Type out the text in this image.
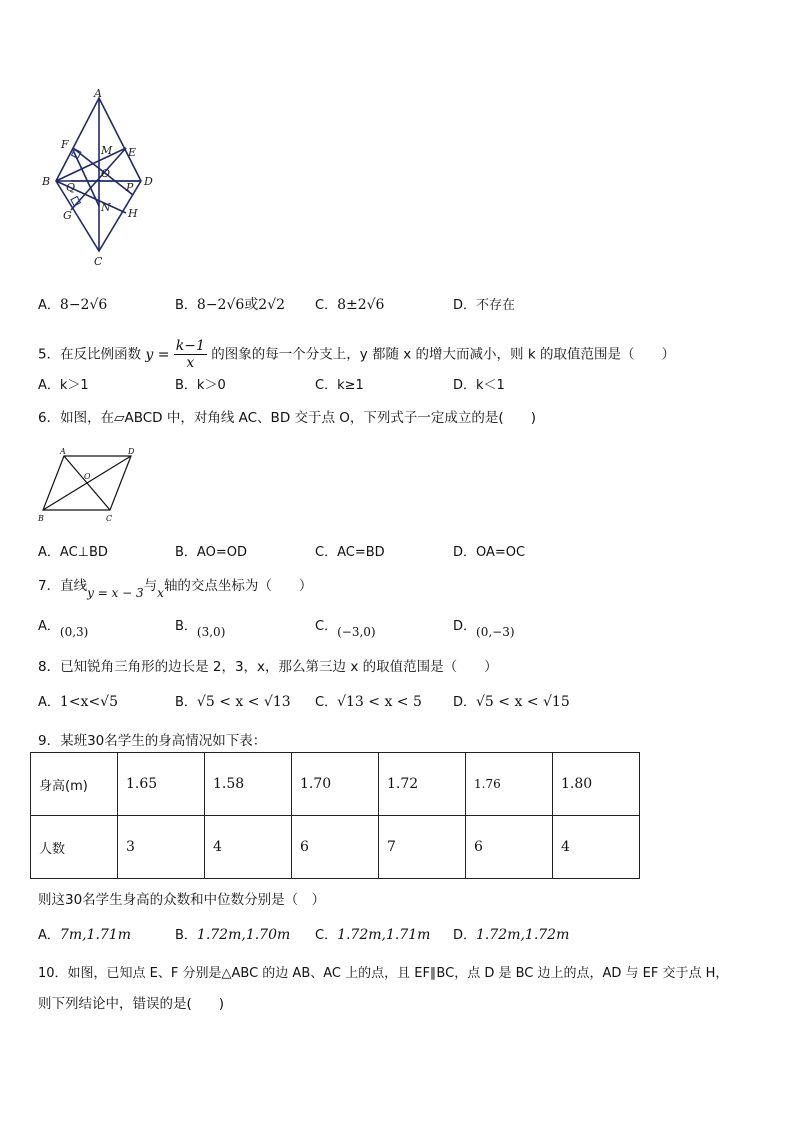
A
B
C
D
E
F
G	H
M
N
O
P
Q
A．8−2√6	B．8−2√6或2√2 C．8±2√6	D．不存在
5．在反比例函数 $y = \frac{k-1}{x}$ 的图象的每一个分支上，y 都随 x 的增大而减小，则 k 的取值范围是（　　）
A．k＞1	B．k＞0	C．k≥1	D．k＜1
6．如图，在▱ABCD 中，对角线 AC、BD 交于点 O，下列式子一定成立的是(　　)
A	D
O
B	C
A．AC⊥BD	B．AO=OD	C．AC=BD	D．OA=OC
7．直线y = x − 3与x轴的交点坐标为（　　）
A．(0,3)	B．(3,0)	C．(−3,0)	D．(0,−3)
8．已知锐角三角形的边长是 2，3，x，那么第三边 x 的取值范围是（　　）
A．1<x<√5	B．√5 < x < √13 C．√13 < x < 5 D．√5 < x < √15
9．某班30名学生的身高情况如下表：
身高(m)	1.65	1.58	1.70	1.72	1.76	1.80
人数	3	4	6	7	6	4
则这30名学生身高的众数和中位数分别是（　）
A．7m,1.71m	B．1.72m,1.70m C．1.72m,1.71m D．1.72m,1.72m
10．如图，已知点 E、F 分别是△ABC 的边 AB、AC 上的点，且 EF∥BC，点 D 是 BC 边上的点，AD 与 EF 交于点 H，
则下列结论中，错误的是(　　)
